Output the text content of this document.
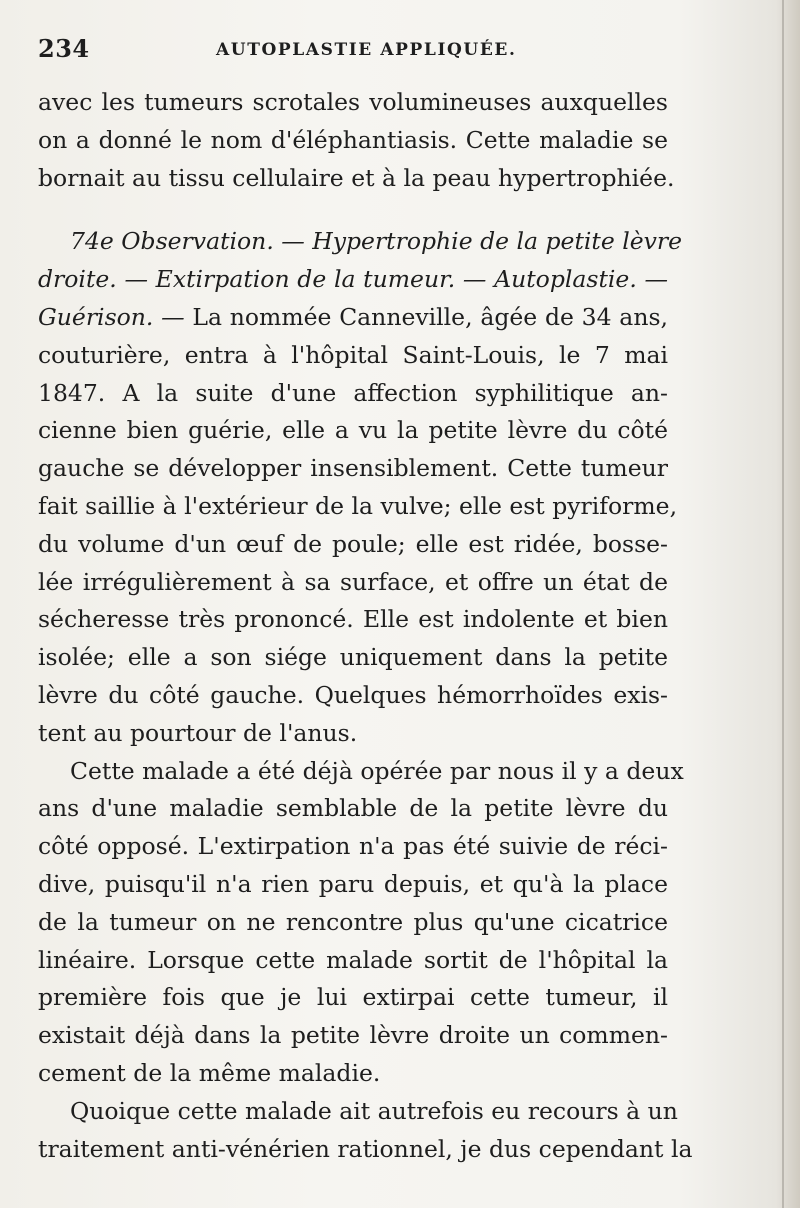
234	AUTOPLASTIE APPLIQUÉE.
avec les tumeurs scrotales volumineuses auxquelles
on a donné le nom d'éléphantiasis. Cette maladie se
bornait au tissu cellulaire et à la peau hypertrophiée.
74e Observation. — Hypertrophie de la petite lèvre
droite. — Extirpation de la tumeur. — Autoplastie. —
Guérison. — La nommée Canneville, âgée de 34 ans,
couturière, entra à l'hôpital Saint-Louis, le 7 mai
1847. A la suite d'une affection syphilitique an-
cienne bien guérie, elle a vu la petite lèvre du côté
gauche se développer insensiblement. Cette tumeur
fait saillie à l'extérieur de la vulve; elle est pyriforme,
du volume d'un œuf de poule; elle est ridée, bosse-
lée irrégulièrement à sa surface, et offre un état de
sécheresse très prononcé. Elle est indolente et bien
isolée; elle a son siége uniquement dans la petite
lèvre du côté gauche. Quelques hémorrhoïdes exis-
tent au pourtour de l'anus.
Cette malade a été déjà opérée par nous il y a deux
ans d'une maladie semblable de la petite lèvre du
côté opposé. L'extirpation n'a pas été suivie de réci-
dive, puisqu'il n'a rien paru depuis, et qu'à la place
de la tumeur on ne rencontre plus qu'une cicatrice
linéaire. Lorsque cette malade sortit de l'hôpital la
première fois que je lui extirpai cette tumeur, il
existait déjà dans la petite lèvre droite un commen-
cement de la même maladie.
Quoique cette malade ait autrefois eu recours à un
traitement anti-vénérien rationnel, je dus cependant la
